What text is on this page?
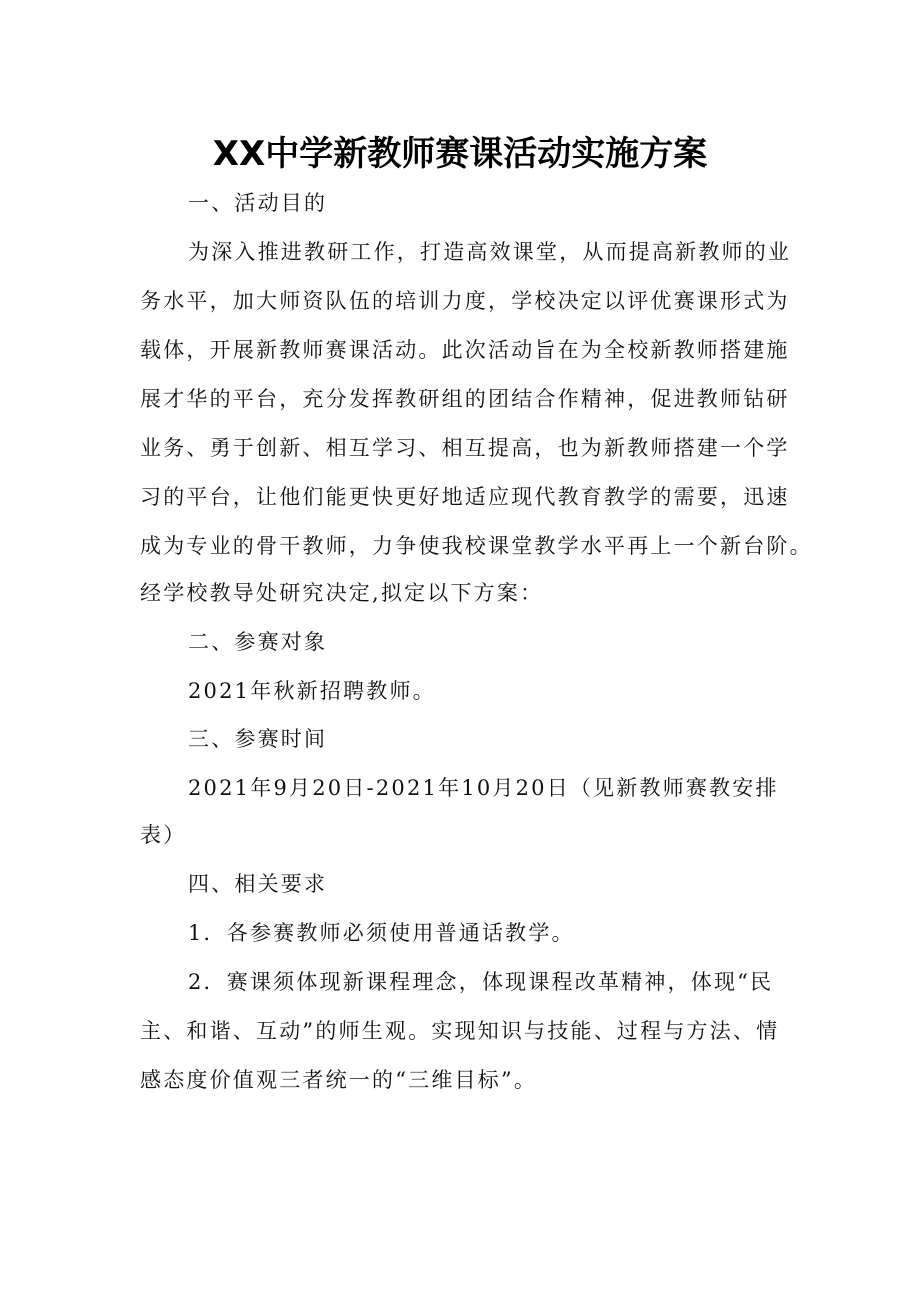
XX中学新教师赛课活动实施方案
一、活动目的
为深入推进教研工作，打造高效课堂，从而提高新教师的业
务水平，加大师资队伍的培训力度，学校决定以评优赛课形式为
载体，开展新教师赛课活动。此次活动旨在为全校新教师搭建施
展才华的平台，充分发挥教研组的团结合作精神，促进教师钻研
业务、勇于创新、相互学习、相互提高，也为新教师搭建一个学
习的平台，让他们能更快更好地适应现代教育教学的需要，迅速
成为专业的骨干教师，力争使我校课堂教学水平再上一个新台阶。
经学校教导处研究决定,拟定以下方案：
二、参赛对象
2021年秋新招聘教师。
三、参赛时间
2021年9月20日-2021年10月20日（见新教师赛教安排
表）
四、相关要求
1．各参赛教师必须使用普通话教学。
2．赛课须体现新课程理念，体现课程改革精神，体现“民
主、和谐、互动”的师生观。实现知识与技能、过程与方法、情
感态度价值观三者统一的“三维目标”。
